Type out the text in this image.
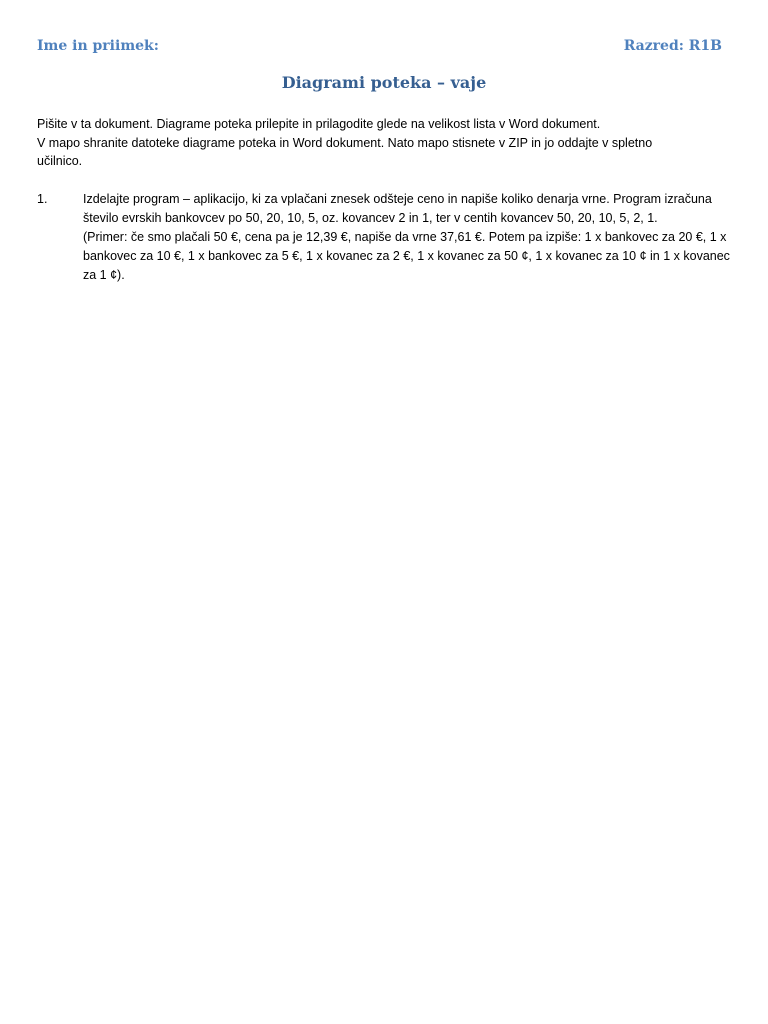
Ime in priimek:	Razred: R1B
Diagrami poteka – vaje

Pišite v ta dokument. Diagrame poteka prilepite in prilagodite glede na velikost lista v Word dokument.

V mapo shranite datoteke diagrame poteka in Word dokument. Nato mapo stisnete v ZIP in jo oddajte v spletno učilnico.

1.	Izdelajte program – aplikacijo, ki za vplačani znesek odšteje ceno in napiše koliko denarja vrne. Program izračuna število evrskih bankovcev po 50, 20, 10, 5, oz. kovancev 2 in 1, ter v centih kovancev 50, 20, 10, 5, 2, 1.

(Primer: če smo plačali 50 €, cena pa je 12,39 €, napiše da vrne 37,61 €. Potem pa izpiše: 1 x bankovec za 20 €, 1 x bankovec za 10 €, 1 x bankovec za 5 €, 1 x kovanec za 2 €, 1 x kovanec za 50 ¢, 1 x kovanec za 10 ¢ in 1 x kovanec za 1 ¢).
